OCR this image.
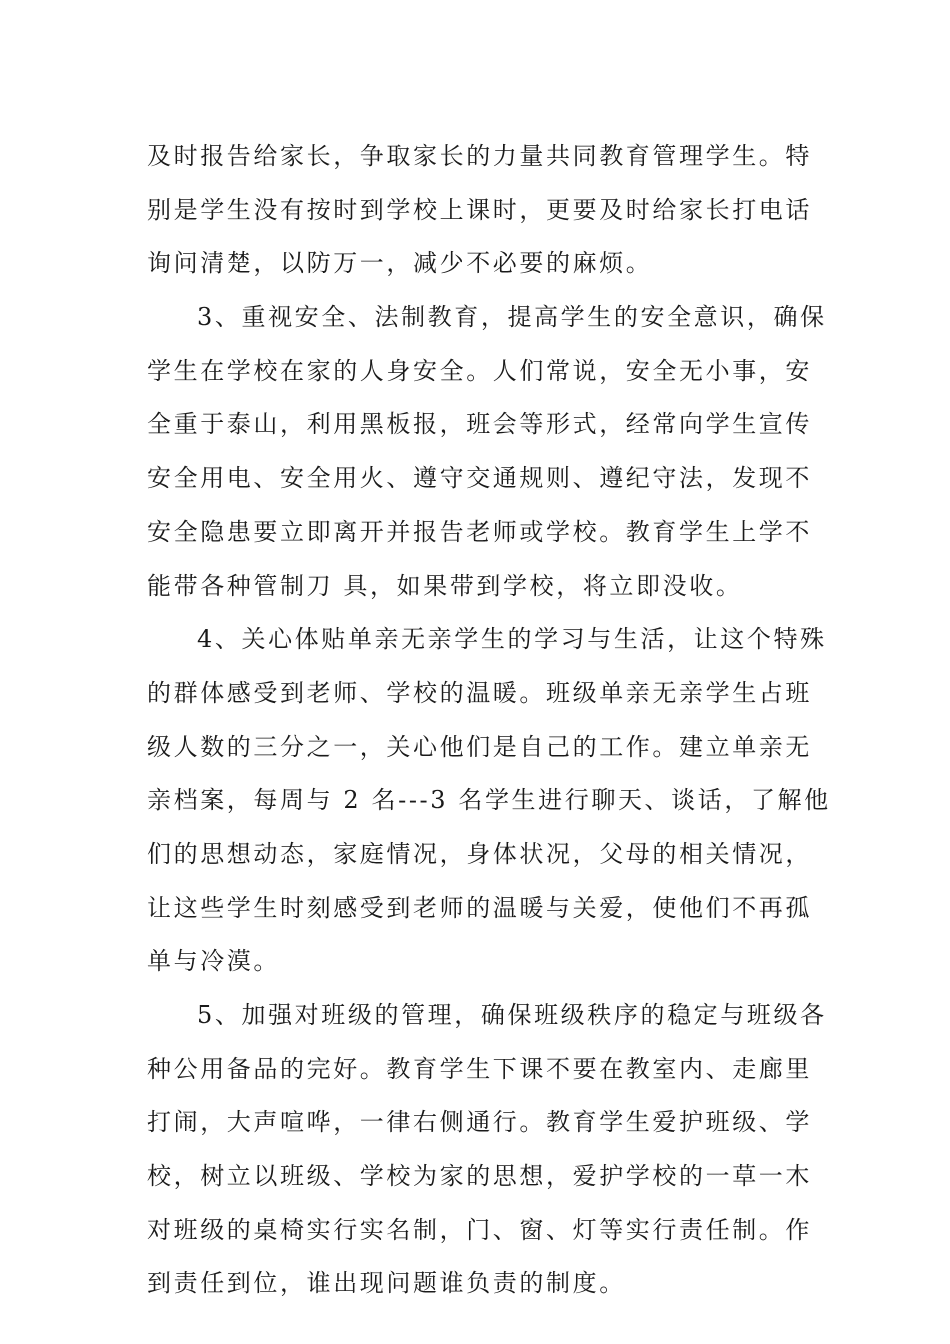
及时报告给家长，争取家长的力量共同教育管理学生。特
别是学生没有按时到学校上课时，更要及时给家长打电话
询问清楚，以防万一，减少不必要的麻烦。
3、重视安全、法制教育，提高学生的安全意识，确保
学生在学校在家的人身安全。人们常说，安全无小事，安
全重于泰山，利用黑板报，班会等形式，经常向学生宣传
安全用电、安全用火、遵守交通规则、遵纪守法，发现不
安全隐患要立即离开并报告老师或学校。教育学生上学不
能带各种管制刀 具，如果带到学校，将立即没收。
4、关心体贴单亲无亲学生的学习与生活，让这个特殊
的群体感受到老师、学校的温暖。班级单亲无亲学生占班
级人数的三分之一，关心他们是自己的工作。建立单亲无
亲档案，每周与 2 名---3 名学生进行聊天、谈话，了解他
们的思想动态，家庭情况，身体状况，父母的相关情况，
让这些学生时刻感受到老师的温暖与关爱，使他们不再孤
单与冷漠。
5、加强对班级的管理，确保班级秩序的稳定与班级各
种公用备品的完好。教育学生下课不要在教室内、走廊里
打闹，大声喧哗，一律右侧通行。教育学生爱护班级、学
校，树立以班级、学校为家的思想，爱护学校的一草一木
对班级的桌椅实行实名制，门、窗、灯等实行责任制。作
到责任到位，谁出现问题谁负责的制度。
